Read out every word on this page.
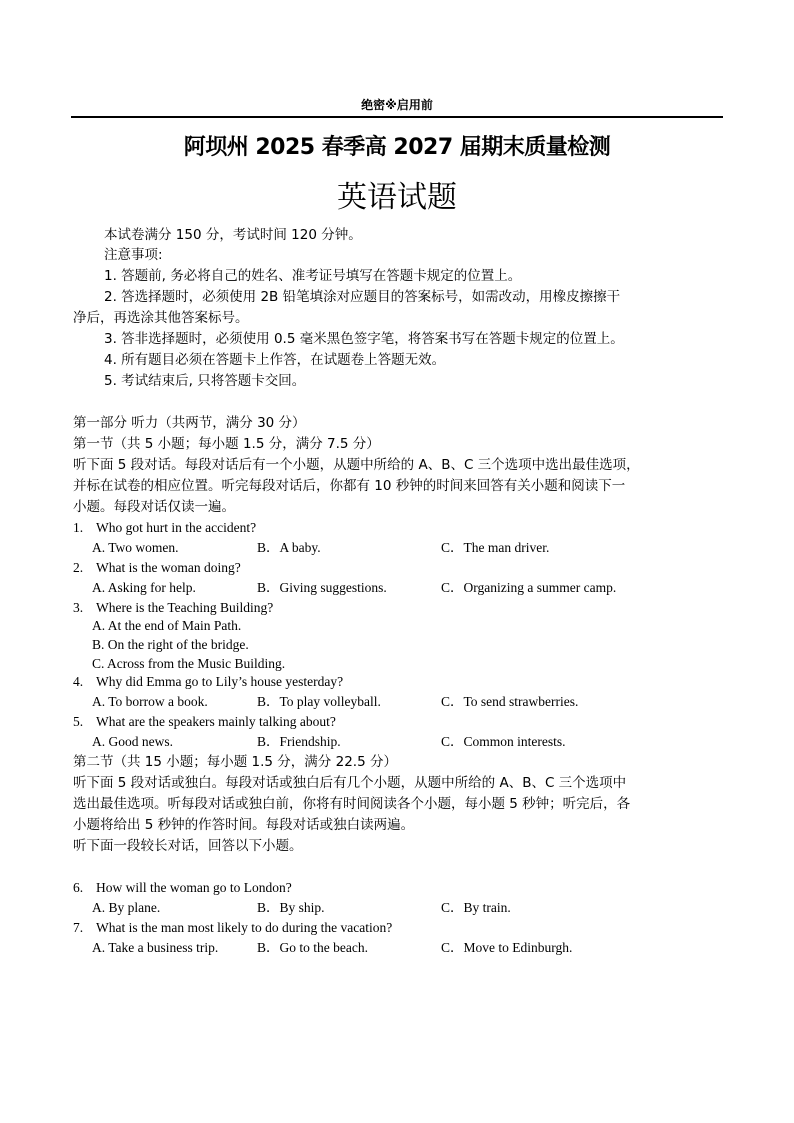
绝密※启用前
阿坝州 2025 春季高 2027 届期末质量检测
英语试题
本试卷满分 150 分，考试时间 120 分钟。
注意事项:
1. 答题前, 务必将自己的姓名、准考证号填写在答题卡规定的位置上。
2. 答选择题时，必须使用 2B 铅笔填涂对应题目的答案标号，如需改动，用橡皮擦擦干
净后，再选涂其他答案标号。
3. 答非选择题时，必须使用 0.5 毫米黑色签字笔，将答案书写在答题卡规定的位置上。
4. 所有题目必须在答题卡上作答，在试题卷上答题无效。
5. 考试结束后, 只将答题卡交回。
第一部分 听力（共两节，满分 30 分）
第一节（共 5 小题；每小题 1.5 分，满分 7.5 分）
听下面 5 段对话。每段对话后有一个小题，从题中所给的 A、B、C 三个选项中选出最佳选项，
并标在试卷的相应位置。听完每段对话后，你都有 10 秒钟的时间来回答有关小题和阅读下一
小题。每段对话仅读一遍。
1. Who got hurt in the accident?
A. Two women.	B．A baby.	C．The man driver.
2. What is the woman doing?
A. Asking for help.	B．Giving suggestions.	C．Organizing a summer camp.
3. Where is the Teaching Building?
A. At the end of Main Path.
B. On the right of the bridge.
C. Across from the Music Building.
4. Why did Emma go to Lily’s house yesterday?
A. To borrow a book.	B．To play volleyball.	C．To send strawberries.
5. What are the speakers mainly talking about?
A. Good news.	B．Friendship.	C．Common interests.
第二节（共 15 小题；每小题 1.5 分，满分 22.5 分）
听下面 5 段对话或独白。每段对话或独白后有几个小题，从题中所给的 A、B、C 三个选项中
选出最佳选项。听每段对话或独白前，你将有时间阅读各个小题，每小题 5 秒钟；听完后，各
小题将给出 5 秒钟的作答时间。每段对话或独白读两遍。
听下面一段较长对话，回答以下小题。
6. How will the woman go to London?
A. By plane.	B．By ship.	C．By train.
7. What is the man most likely to do during the vacation?
A. Take a business trip.	B．Go to the beach.	C．Move to Edinburgh.
